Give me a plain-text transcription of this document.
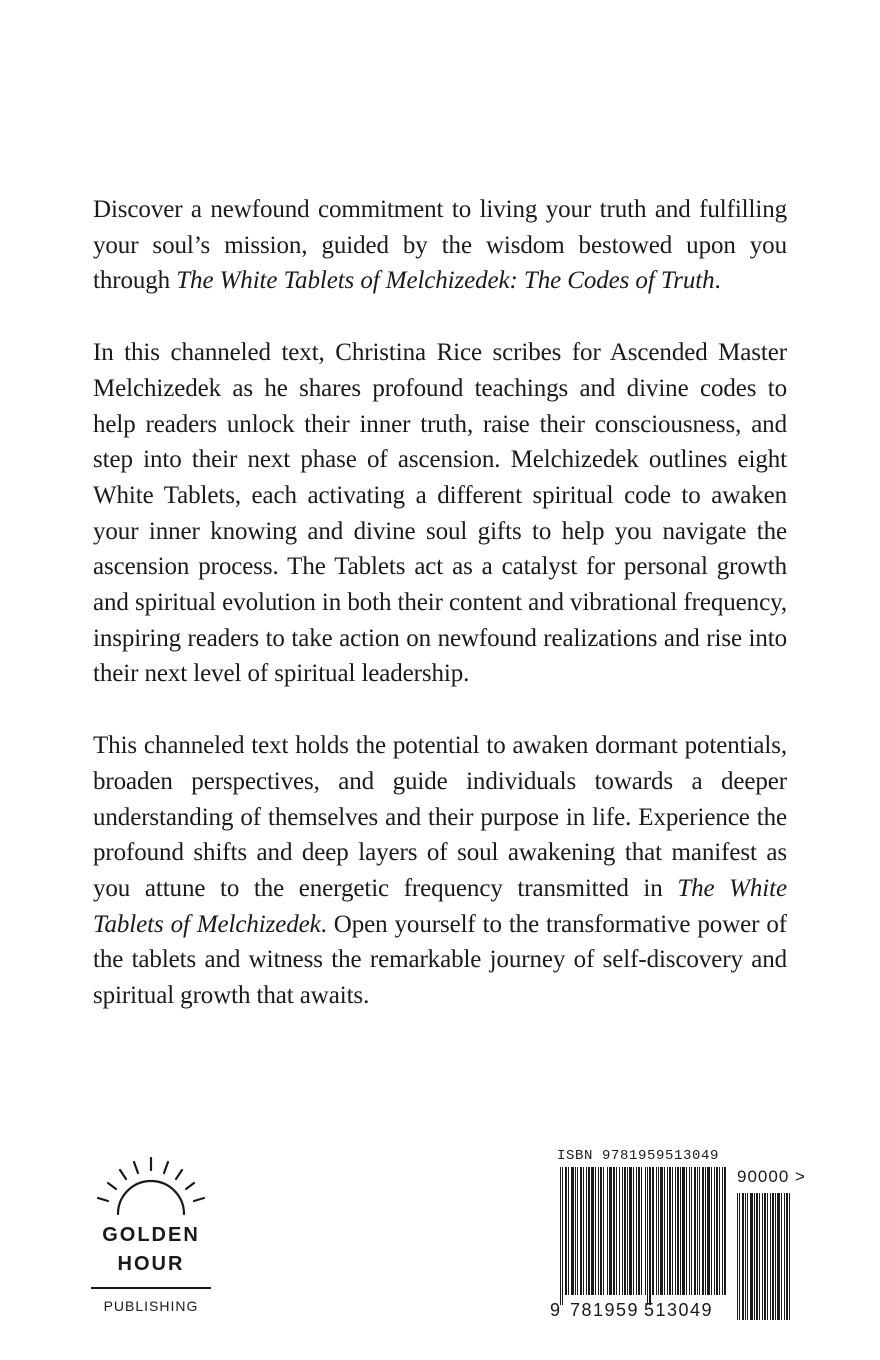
Discover a newfound commitment to living your truth and fulfilling your soul’s mission, guided by the wisdom bestowed upon you through The White Tablets of Melchizedek: The Codes of Truth.

In this channeled text, Christina Rice scribes for Ascended Master Melchizedek as he shares profound teachings and divine codes to help readers unlock their inner truth, raise their consciousness, and step into their next phase of ascension. Melchizedek outlines eight White Tablets, each activating a different spiritual code to awaken your inner knowing and divine soul gifts to help you navigate the ascension process. The Tablets act as a catalyst for personal growth and spiritual evolution in both their content and vibrational frequency, inspiring readers to take action on newfound realizations and rise into their next level of spiritual leadership.

This channeled text holds the potential to awaken dormant potentials, broaden perspectives, and guide individuals towards a deeper understanding of themselves and their purpose in life. Experience the profound shifts and deep layers of soul awakening that manifest as you attune to the energetic frequency transmitted in The White Tablets of Melchizedek. Open yourself to the transformative power of the tablets and witness the remarkable journey of self-discovery and spiritual growth that awaits.

GOLDEN
HOUR
PUBLISHING
ISBN 9781959513049
90000 >
9 781959 513049
